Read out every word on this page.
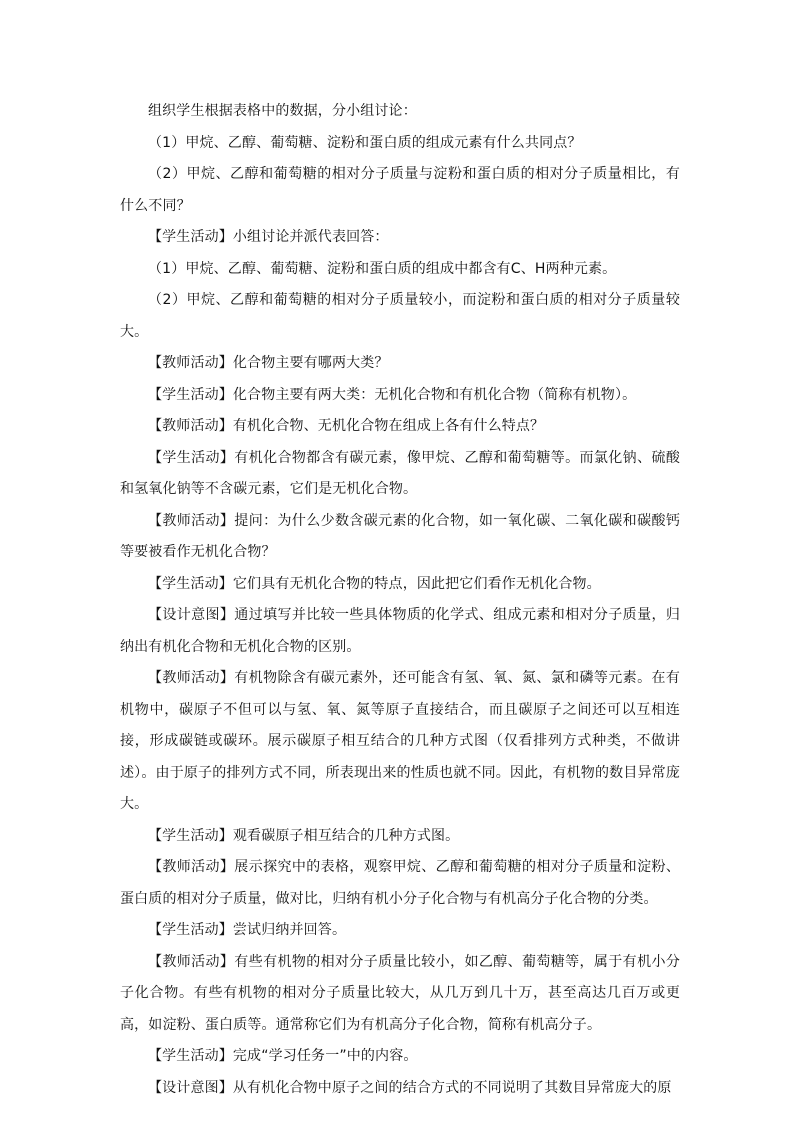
组织学生根据表格中的数据，分小组讨论：

（1）甲烷、乙醇、葡萄糖、淀粉和蛋白质的组成元素有什么共同点？

（2）甲烷、乙醇和葡萄糖的相对分子质量与淀粉和蛋白质的相对分子质量相比，有什么不同？

【学生活动】小组讨论并派代表回答：

（1）甲烷、乙醇、葡萄糖、淀粉和蛋白质的组成中都含有C、H两种元素。

（2）甲烷、乙醇和葡萄糖的相对分子质量较小，而淀粉和蛋白质的相对分子质量较大。

【教师活动】化合物主要有哪两大类？

【学生活动】化合物主要有两大类：无机化合物和有机化合物（简称有机物）。

【教师活动】有机化合物、无机化合物在组成上各有什么特点？

【学生活动】有机化合物都含有碳元素，像甲烷、乙醇和葡萄糖等。而氯化钠、硫酸和氢氧化钠等不含碳元素，它们是无机化合物。

【教师活动】提问：为什么少数含碳元素的化合物，如一氧化碳、二氧化碳和碳酸钙等要被看作无机化合物？

【学生活动】它们具有无机化合物的特点，因此把它们看作无机化合物。

【设计意图】通过填写并比较一些具体物质的化学式、组成元素和相对分子质量，归纳出有机化合物和无机化合物的区别。

【教师活动】有机物除含有碳元素外，还可能含有氢、氧、氮、氯和磷等元素。在有机物中，碳原子不但可以与氢、氧、氮等原子直接结合，而且碳原子之间还可以互相连接，形成碳链或碳环。展示碳原子相互结合的几种方式图（仅看排列方式种类，不做讲述）。由于原子的排列方式不同，所表现出来的性质也就不同。因此，有机物的数目异常庞大。

【学生活动】观看碳原子相互结合的几种方式图。

【教师活动】展示探究中的表格，观察甲烷、乙醇和葡萄糖的相对分子质量和淀粉、蛋白质的相对分子质量，做对比，归纳有机小分子化合物与有机高分子化合物的分类。

【学生活动】尝试归纳并回答。

【教师活动】有些有机物的相对分子质量比较小，如乙醇、葡萄糖等，属于有机小分子化合物。有些有机物的相对分子质量比较大，从几万到几十万，甚至高达几百万或更高，如淀粉、蛋白质等。通常称它们为有机高分子化合物，简称有机高分子。

【学生活动】完成“学习任务一”中的内容。

【设计意图】从有机化合物中原子之间的结合方式的不同说明了其数目异常庞大的原
